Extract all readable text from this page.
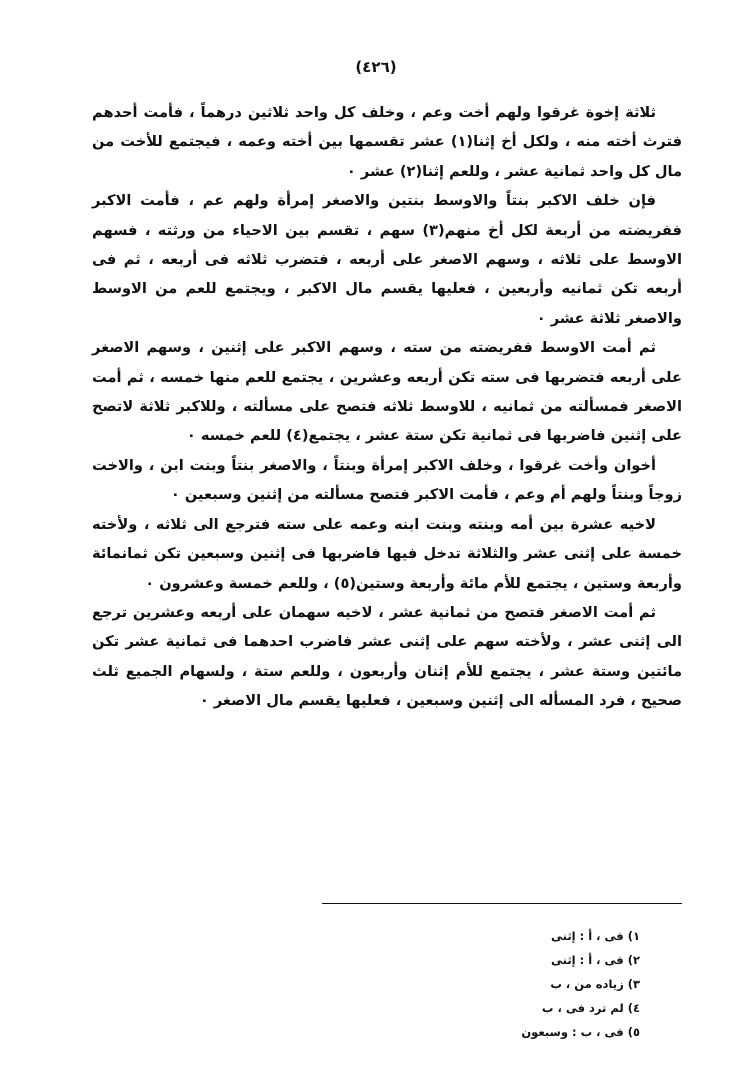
(٤٢٦)

ثلاثة إخوة غرقوا ولهم أخت وعم ، وخلف كل واحد ثلاثين درهماً ، فأمت أحدهم فترث أخته منه ، ولكل أخ إثنا(١) عشر تقسمها بين أخته وعمه ، فيجتمع للأخت من مال كل واحد ثمانية عشر ، وللعم إثنا(٢) عشر ٠

فإن خلف الاكبر بنتاً والاوسط بنتين والاصغر إمرأة ولهم عم ، فأمت الاكبر ففريضته من أربعة لكل أخ منهم(٣) سهم ، تقسم بين الاحياء من ورثته ، فسهم الاوسط على ثلاثه ، وسهم الاصغر على أربعه ، فتضرب ثلاثه فى أربعه ، ثم فى أربعه تكن ثمانيه وأربعين ، فعليها يقسم مال الاكبر ، ويجتمع للعم من الاوسط والاصغر ثلاثة عشر ٠

ثم أمت الاوسط ففريضته من سته ، وسهم الاكبر على إثنين ، وسهم الاصغر على أربعه فتضربها فى سته تكن أربعه وعشرين ، يجتمع للعم منها خمسه ، ثم أمت الاصغر فمسألته من ثمانيه ، للاوسط ثلاثه فتصح على مسألته ، وللاكبر ثلاثة لاتصح على إثنين فاضربها فى ثمانية تكن ستة عشر ، يجتمع(٤) للعم خمسه ٠

أخوان وأخت غرقوا ، وخلف الاكبر إمرأة وبنتاً ، والاصغر بنتاً وبنت ابن ، والاخت زوجاً وبنتاً ولهم أم وعم ، فأمت الاكبر فتصح مسألته من إثنين وسبعين ٠

لاخيه عشرة بين أمه وبنته وبنت ابنه وعمه على سته فترجع الى ثلاثه ، ولأخته خمسة على إثنى عشر والثلاثة تدخل فيها فاضربها فى إثنين وسبعين تكن ثمانمائة وأربعة وستين ، يجتمع للأم مائة وأربعة وستين(٥) ، وللعم خمسة وعشرون ٠

ثم أمت الاصغر فتصح من ثمانية عشر ، لاخيه سهمان على أربعه وعشرين ترجع الى إثنى عشر ، ولأخته سهم على إثنى عشر فاضرب احدهما فى ثمانية عشر تكن مائتين وستة عشر ، يجتمع للأم إثنان وأربعون ، وللعم ستة ، ولسهام الجميع ثلث صحيح ، فرد المسأله الى إثنين وسبعين ، فعليها يقسم مال الاصغر ٠

١) فى ، أ : إثنى

٢) فى ، أ : إثنى

٣) زياده من ، ب

٤) لم ترد فى ، ب

٥) فى ، ب : وسبعون
